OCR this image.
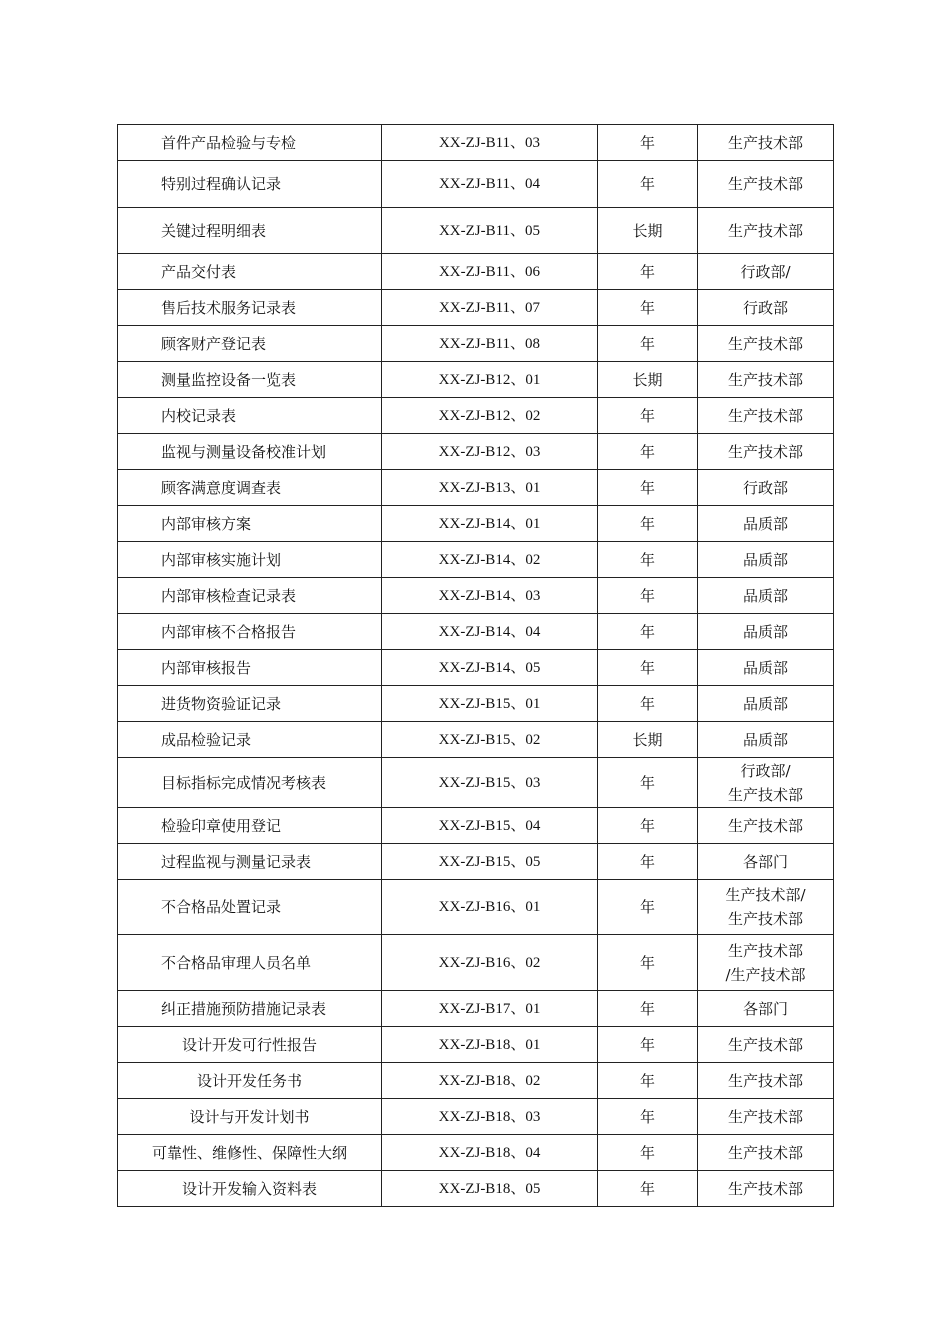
首件产品检验与专检	XX-ZJ-B11、03	年	生产技术部

特别过程确认记录	XX-ZJ-B11、04	年	生产技术部

关键过程明细表	XX-ZJ-B11、05	长期	生产技术部

产品交付表	XX-ZJ-B11、06	年	行政部/

售后技术服务记录表	XX-ZJ-B11、07	年	行政部

顾客财产登记表	XX-ZJ-B11、08	年	生产技术部

测量监控设备一览表	XX-ZJ-B12、01	长期	生产技术部

内校记录表	XX-ZJ-B12、02	年	生产技术部

监视与测量设备校准计划	XX-ZJ-B12、03	年	生产技术部

顾客满意度调查表	XX-ZJ-B13、01	年	行政部

内部审核方案	XX-ZJ-B14、01	年	品质部

内部审核实施计划	XX-ZJ-B14、02	年	品质部

内部审核检查记录表	XX-ZJ-B14、03	年	品质部

内部审核不合格报告	XX-ZJ-B14、04	年	品质部

内部审核报告	XX-ZJ-B14、05	年	品质部

进货物资验证记录	XX-ZJ-B15、01	年	品质部

成品检验记录	XX-ZJ-B15、02	长期	品质部

目标指标完成情况考核表	XX-ZJ-B15、03	年	行政部/
生产技术部

检验印章使用登记	XX-ZJ-B15、04	年	生产技术部

过程监视与测量记录表	XX-ZJ-B15、05	年	各部门

不合格品处置记录	XX-ZJ-B16、01	年	生产技术部/
生产技术部

不合格品审理人员名单	XX-ZJ-B16、02	年	生产技术部
/生产技术部

纠正措施预防措施记录表	XX-ZJ-B17、01	年	各部门

设计开发可行性报告	XX-ZJ-B18、01	年	生产技术部

设计开发任务书	XX-ZJ-B18、02	年	生产技术部

设计与开发计划书	XX-ZJ-B18、03	年	生产技术部

可靠性、维修性、保障性大纲	XX-ZJ-B18、04	年	生产技术部

设计开发输入资料表	XX-ZJ-B18、05	年	生产技术部
